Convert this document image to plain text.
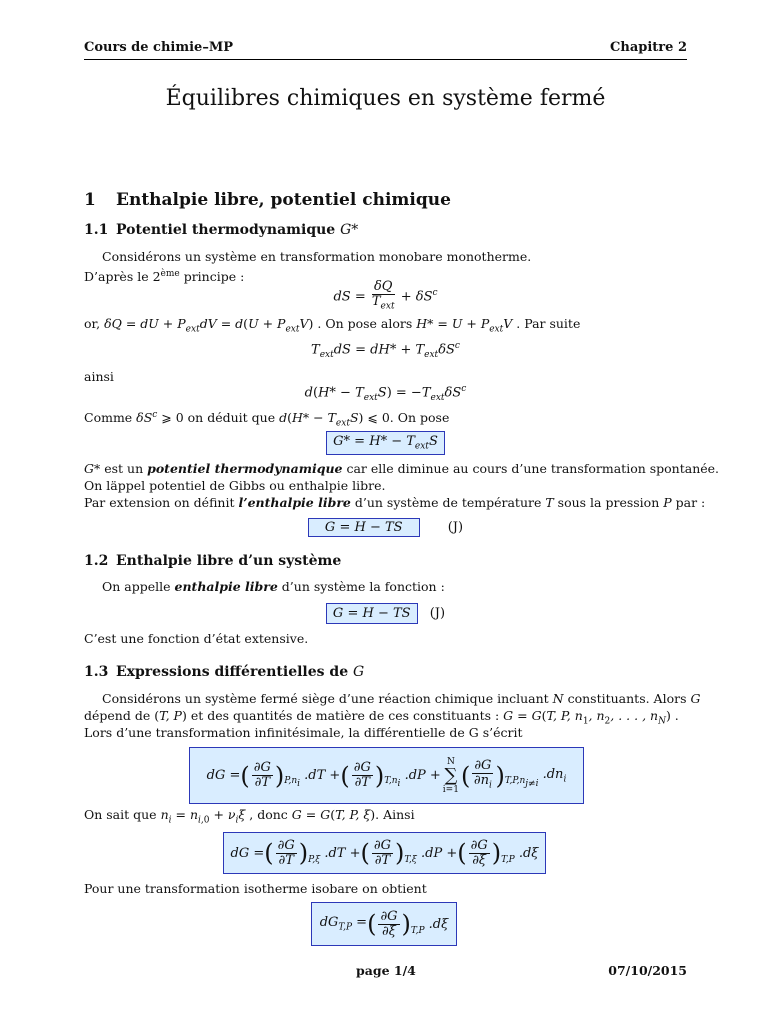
Cours de chimie–MP	Chapitre 2
Équilibres chimiques en système fermé
1 Enthalpie libre, potentiel chimique
1.1 Potentiel thermodynamique G*
Considérons un système en transformation monobare monotherme.
D’après le 2ème principe :
dS = $\frac{\delta Q}{T_{ext}} + \delta S^c$
or, δQ = dU + $P_{ext}dV = d(U + P_{ext}V)$ . On pose alors $H* = U + P_{ext}V$ . Par suite
$T_{ext}dS = dH* + T_{ext}\delta S^c$
ainsi
$d(H* - T_{ext}S) = -T_{ext}\delta S^c$
Comme $\delta S^c$ ⩾ 0 on déduit que $d(H* - T_{ext}S)$ ⩽ 0. On pose
$G* = H* - T_{ext}S$
G* est un potentiel thermodynamique car elle diminue au cours d’une transformation spontanée.
On läppel potentiel de Gibbs ou enthalpie libre.
Par extension on définit l’enthalpie libre d’un système de température T sous la pression P par :
G = H − TS	(J)
1.2 Enthalpie libre d’un système
On appelle enthalpie libre d’un système la fonction :
G = H − TS (J)
C’est une fonction d’état extensive.
1.3 Expressions différentielles de G
Considérons un système fermé siège d’une réaction chimique incluant N constituants. Alors G
dépend de (T, P) et des quantités de matière de ces constituants : G = G(T, P, $n_1$, $n_2$, . . . , $n_N$) .
Lors d’une transformation infinitésimale, la différentielle de G s’écrit
dG = ( $\frac{\partial G}{\partial T} )_{P,n_i}$
.dT + ( $\frac{\partial G}{\partial T} )_{T,n_i}$
.dP +
N
∑
i=1 ( $\frac{\partial G}{\partial n_i} )_{T,P,n_{j\ne i}}$
$.dn_i$
On sait que $n_i = n_{i,0} + \nu_i\xi$ , donc G = G(T, P, ξ). Ainsi
dG = ( $\frac{\partial G}{\partial T} )_{P,\xi}$ .dT + ( $\frac{\partial G}{\partial T} )_{T,\xi}$ .dP + ( $\frac{\partial G}{\partial\xi} )_{T,P}$ .dξ
Pour une transformation isotherme isobare on obtient
$dG_{T,P}$ = ( $\frac{\partial G}{\partial\xi} )_{T,P}$ .dξ
page 1/4	07/10/2015
